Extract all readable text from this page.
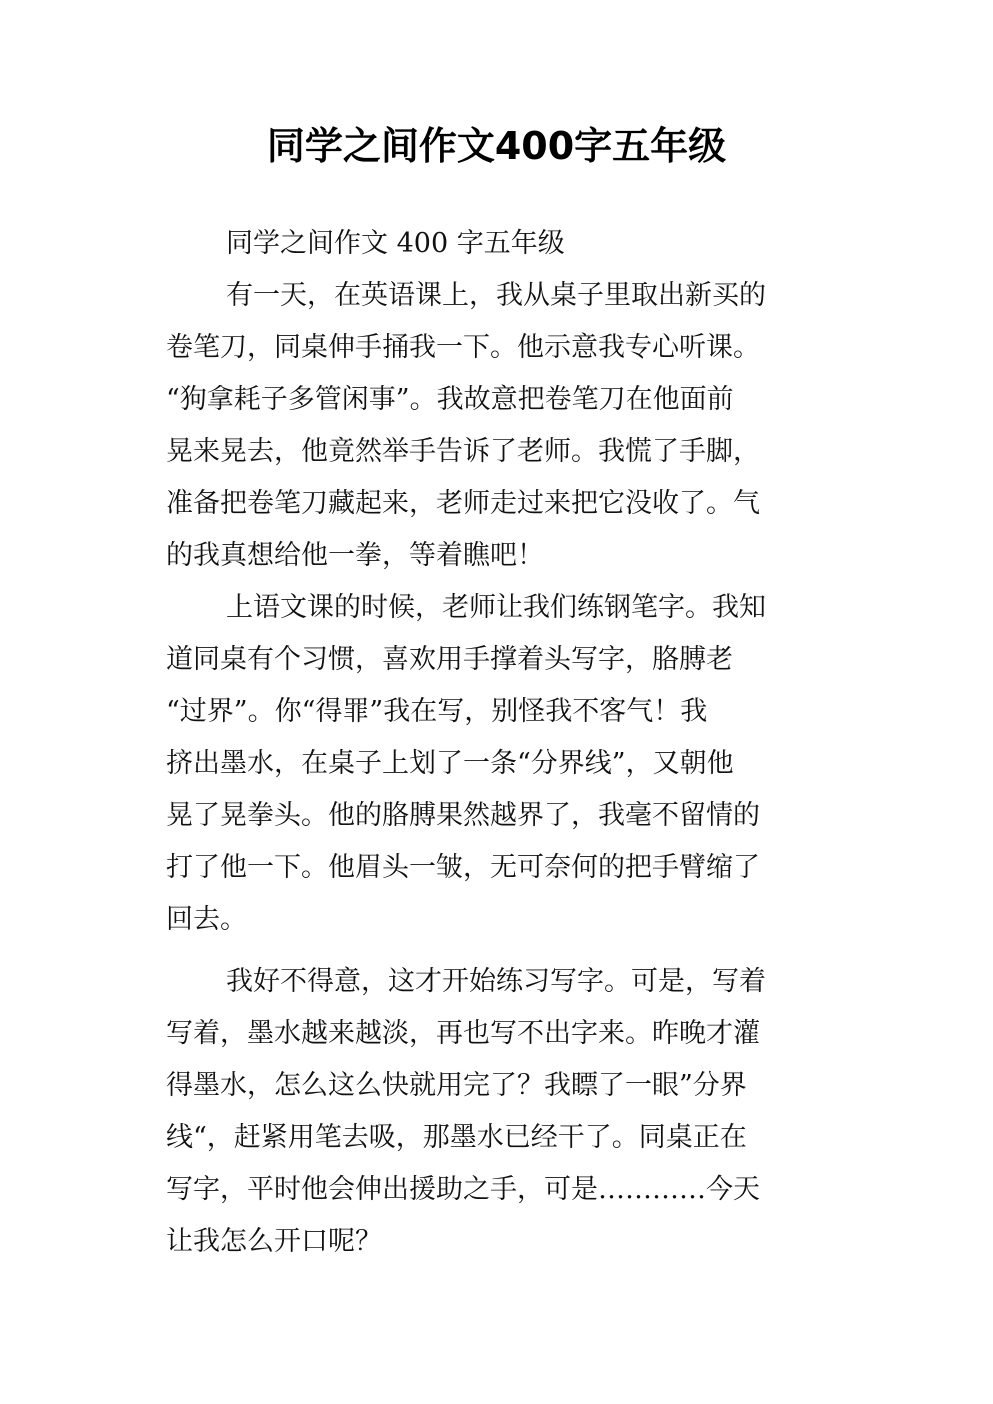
同学之间作文400字五年级
同学之间作文 400 字五年级

有一天，在英语课上，我从桌子里取出新买的
卷笔刀，同桌伸手捅我一下。他示意我专心听课。
“狗拿耗子多管闲事”。我故意把卷笔刀在他面前
晃来晃去，他竟然举手告诉了老师。我慌了手脚，
准备把卷笔刀藏起来，老师走过来把它没收了。气
的我真想给他一拳，等着瞧吧！

上语文课的时候，老师让我们练钢笔字。我知
道同桌有个习惯，喜欢用手撑着头写字，胳膊老
“过界”。你“得罪”我在写，别怪我不客气！我
挤出墨水，在桌子上划了一条“分界线”，又朝他
晃了晃拳头。他的胳膊果然越界了，我毫不留情的
打了他一下。他眉头一皱，无可奈何的把手臂缩了
回去。

我好不得意，这才开始练习写字。可是，写着
写着，墨水越来越淡，再也写不出字来。昨晚才灌
得墨水，怎么这么快就用完了？我瞟了一眼”分界
线“，赶紧用笔去吸，那墨水已经干了。同桌正在
写字，平时他会伸出援助之手，可是…………今天
让我怎么开口呢？
